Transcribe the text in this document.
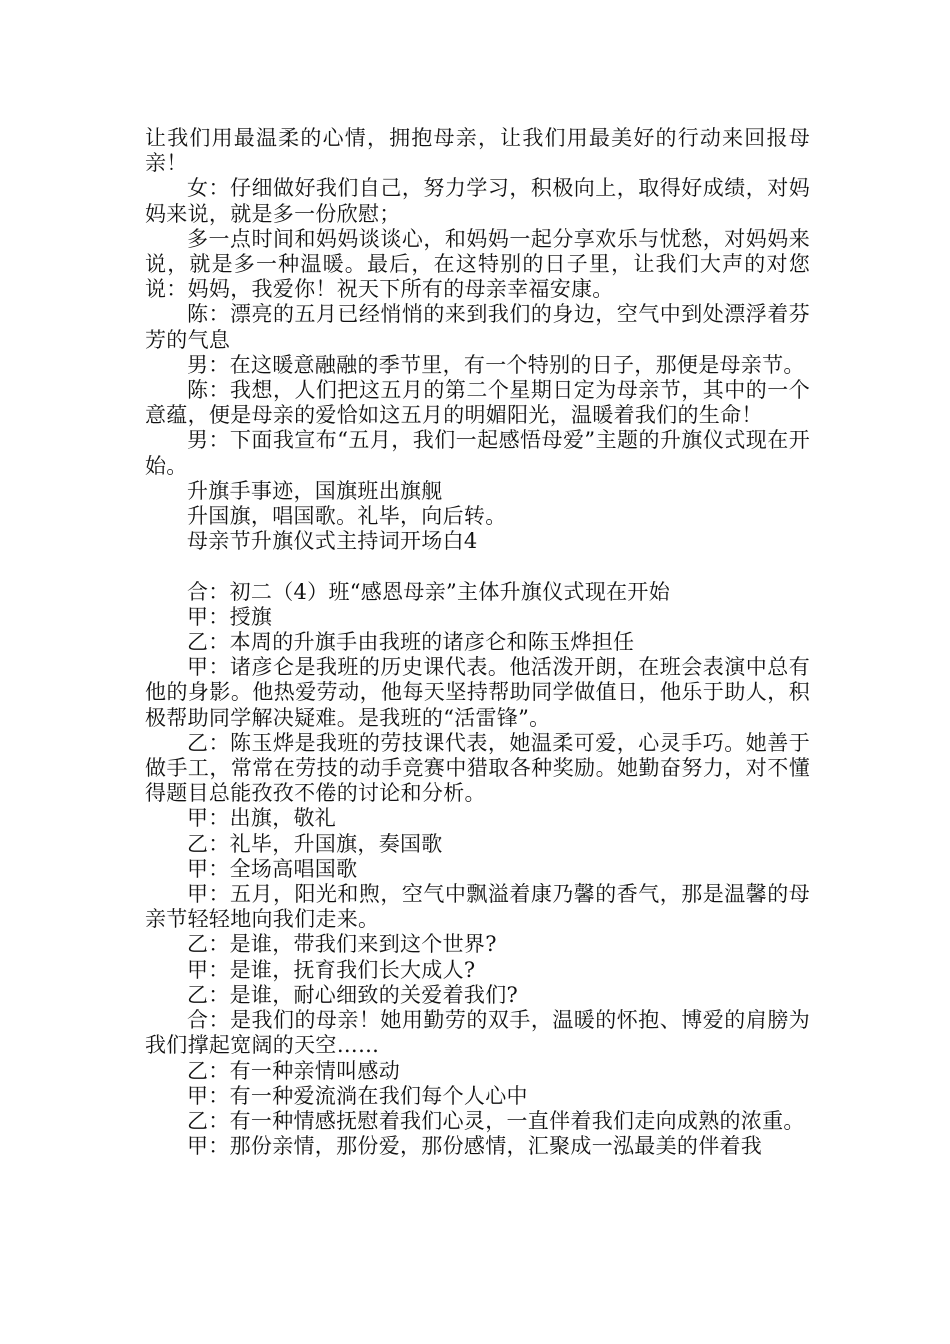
让我们用最温柔的心情，拥抱母亲，让我们用最美好的行动来回报母亲！

女：仔细做好我们自己，努力学习，积极向上，取得好成绩，对妈妈来说，就是多一份欣慰；

多一点时间和妈妈谈谈心，和妈妈一起分享欢乐与忧愁，对妈妈来说，就是多一种温暖。最后，在这特别的日子里，让我们大声的对您说：妈妈，我爱你！祝天下所有的母亲幸福安康。

陈：漂亮的五月已经悄悄的来到我们的身边，空气中到处漂浮着芬芳的气息

男：在这暖意融融的季节里，有一个特别的日子，那便是母亲节。

陈：我想，人们把这五月的第二个星期日定为母亲节，其中的一个意蕴，便是母亲的爱恰如这五月的明媚阳光，温暖着我们的生命！

男：下面我宣布“五月，我们一起感悟母爱”主题的升旗仪式现在开始。

升旗手事迹，国旗班出旗舰

升国旗，唱国歌。礼毕，向后转。

母亲节升旗仪式主持词开场白4

合：初二（4）班“感恩母亲”主体升旗仪式现在开始

甲：授旗

乙：本周的升旗手由我班的诸彦仑和陈玉烨担任

甲：诸彦仑是我班的历史课代表。他活泼开朗，在班会表演中总有他的身影。他热爱劳动，他每天坚持帮助同学做值日，他乐于助人，积极帮助同学解决疑难。是我班的“活雷锋”。

乙：陈玉烨是我班的劳技课代表，她温柔可爱，心灵手巧。她善于做手工，常常在劳技的动手竞赛中猎取各种奖励。她勤奋努力，对不懂得题目总能孜孜不倦的讨论和分析。

甲：出旗，敬礼

乙：礼毕，升国旗，奏国歌

甲：全场高唱国歌

甲：五月，阳光和煦，空气中飘溢着康乃馨的香气，那是温馨的母亲节轻轻地向我们走来。

乙：是谁，带我们来到这个世界?

甲：是谁，抚育我们长大成人?

乙：是谁，耐心细致的关爱着我们?

合：是我们的母亲！她用勤劳的双手，温暖的怀抱、博爱的肩膀为我们撑起宽阔的天空……

乙：有一种亲情叫感动

甲：有一种爱流淌在我们每个人心中

乙：有一种情感抚慰着我们心灵，一直伴着我们走向成熟的浓重。

甲：那份亲情，那份爱，那份感情，汇聚成一泓最美的伴着我
